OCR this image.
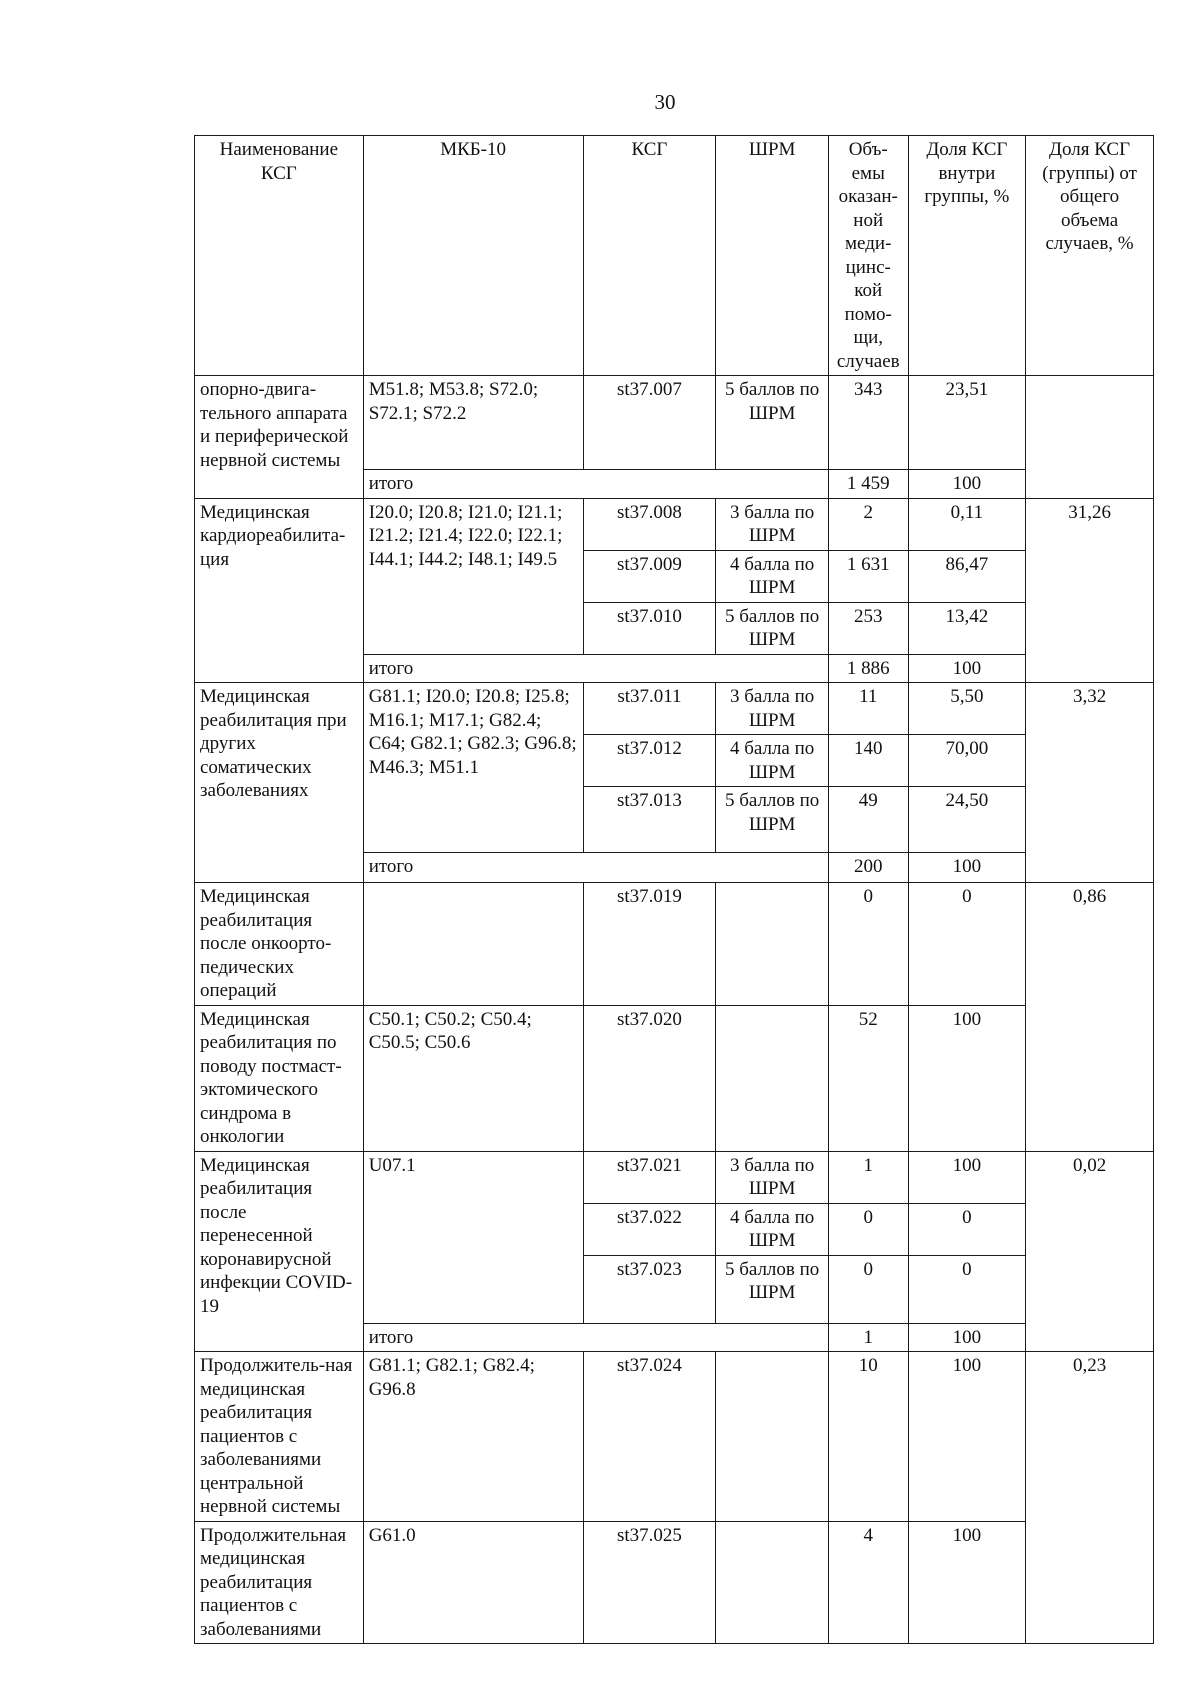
30
Наименование КСГ	МКБ-10	КСГ	ШРМ	Объ-емы оказан-ной меди-цинс-кой помо-щи, случаев	Доля КСГ внутри группы, %	Доля КСГ (группы) от общего объема случаев, %
опорно-двига-тельного аппарата и периферической нервной системы	M51.8; M53.8; S72.0; S72.1; S72.2	st37.007	5 баллов по ШРМ	343	23,51	
	итого			1 459	100	
Медицинская кардиореабилита-ция	I20.0; I20.8; I21.0; I21.1; I21.2; I21.4; I22.0; I22.1; I44.1; I44.2; I48.1; I49.5	st37.008	3 балла по ШРМ	2	0,11	31,26
		st37.009	4 балла по ШРМ	1 631	86,47	
		st37.010	5 баллов по ШРМ	253	13,42	
	итого			1 886	100	
Медицинская реабилитация при других соматических заболеваниях	G81.1; I20.0; I20.8; I25.8; M16.1; M17.1; G82.4; C64; G82.1; G82.3; G96.8; M46.3; M51.1	st37.011	3 балла по ШРМ	11	5,50	3,32
		st37.012	4 балла по ШРМ	140	70,00	
		st37.013	5 баллов по ШРМ	49	24,50	
	итого			200	100	
Медицинская реабилитация после онкоорто-педических операций		st37.019		0	0	0,86
Медицинская реабилитация по поводу постмаст-эктомического синдрома в онкологии	C50.1; C50.2; C50.4; C50.5; C50.6	st37.020		52	100	
Медицинская реабилитация после перенесенной коронавирусной инфекции COVID-19	U07.1	st37.021	3 балла по ШРМ	1	100	0,02
		st37.022	4 балла по ШРМ	0	0	
		st37.023	5 баллов по ШРМ	0	0	
	итого			1	100	
Продолжитель-ная медицинская реабилитация пациентов с заболеваниями центральной нервной системы	G81.1; G82.1; G82.4; G96.8	st37.024		10	100	0,23
Продолжительная медицинская реабилитация пациентов с заболеваниями	G61.0	st37.025		4	100	
